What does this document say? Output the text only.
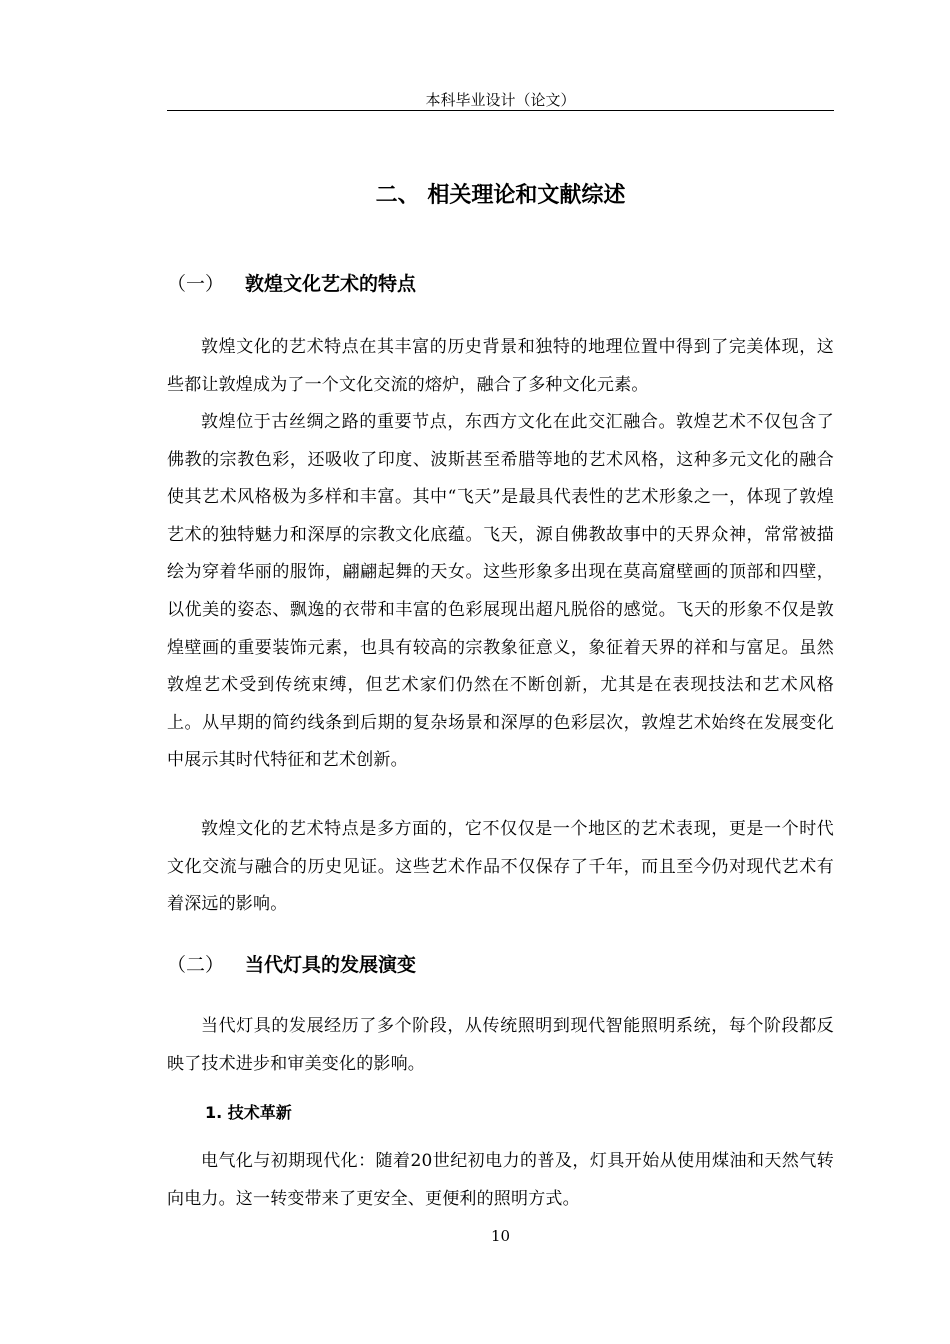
本科毕业设计（论文）
二、 相关理论和文献综述
（一） 敦煌文化艺术的特点

敦煌文化的艺术特点在其丰富的历史背景和独特的地理位置中得到了完美体现，这些都让敦煌成为了一个文化交流的熔炉，融合了多种文化元素。

敦煌位于古丝绸之路的重要节点，东西方文化在此交汇融合。敦煌艺术不仅包含了佛教的宗教色彩，还吸收了印度、波斯甚至希腊等地的艺术风格，这种多元文化的融合使其艺术风格极为多样和丰富。其中“飞天”是最具代表性的艺术形象之一，体现了敦煌艺术的独特魅力和深厚的宗教文化底蕴。飞天，源自佛教故事中的天界众神，常常被描绘为穿着华丽的服饰，翩翩起舞的天女。这些形象多出现在莫高窟壁画的顶部和四壁，以优美的姿态、飘逸的衣带和丰富的色彩展现出超凡脱俗的感觉。飞天的形象不仅是敦煌壁画的重要装饰元素，也具有较高的宗教象征意义，象征着天界的祥和与富足。虽然敦煌艺术受到传统束缚，但艺术家们仍然在不断创新，尤其是在表现技法和艺术风格上。从早期的简约线条到后期的复杂场景和深厚的色彩层次，敦煌艺术始终在发展变化中展示其时代特征和艺术创新。

敦煌文化的艺术特点是多方面的，它不仅仅是一个地区的艺术表现，更是一个时代文化交流与融合的历史见证。这些艺术作品不仅保存了千年，而且至今仍对现代艺术有着深远的影响。

（二） 当代灯具的发展演变

当代灯具的发展经历了多个阶段，从传统照明到现代智能照明系统，每个阶段都反映了技术进步和审美变化的影响。

1. 技术革新

电气化与初期现代化：随着20世纪初电力的普及，灯具开始从使用煤油和天然气转向电力。这一转变带来了更安全、更便利的照明方式。

10
